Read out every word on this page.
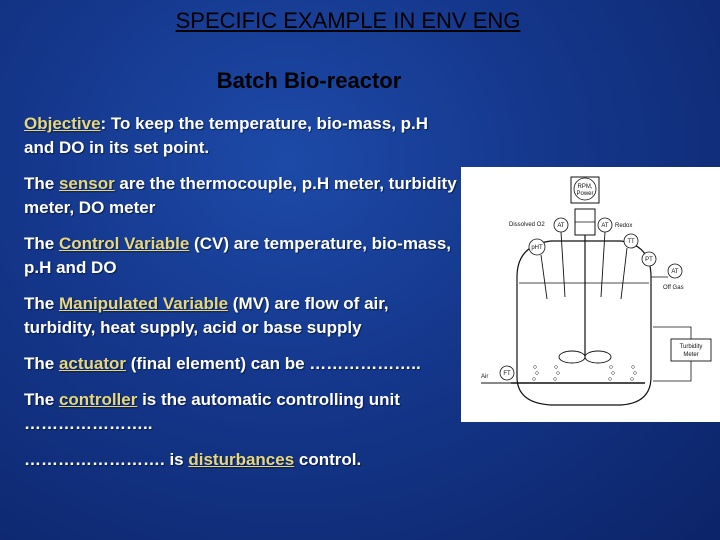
SPECIFIC EXAMPLE IN ENV ENG
Batch Bio-reactor
Objective: To keep the temperature, bio-mass, p.H and DO in its set point.
The sensor are the thermocouple, p.H meter, turbidity meter, DO meter
The Control Variable (CV) are temperature, bio-mass, p.H and DO
The Manipulated Variable (MV) are flow of air, turbidity, heat supply, acid or base supply
The actuator (final element) can be ………………..
The controller is the automatic controlling unit …………………..
……………………. is disturbances control.
RPM,
Power
Air FT
Dissolved O2 AT	AT Redox
pHT
TT
PT
AT
Off Gas
Turbidity
Meter
